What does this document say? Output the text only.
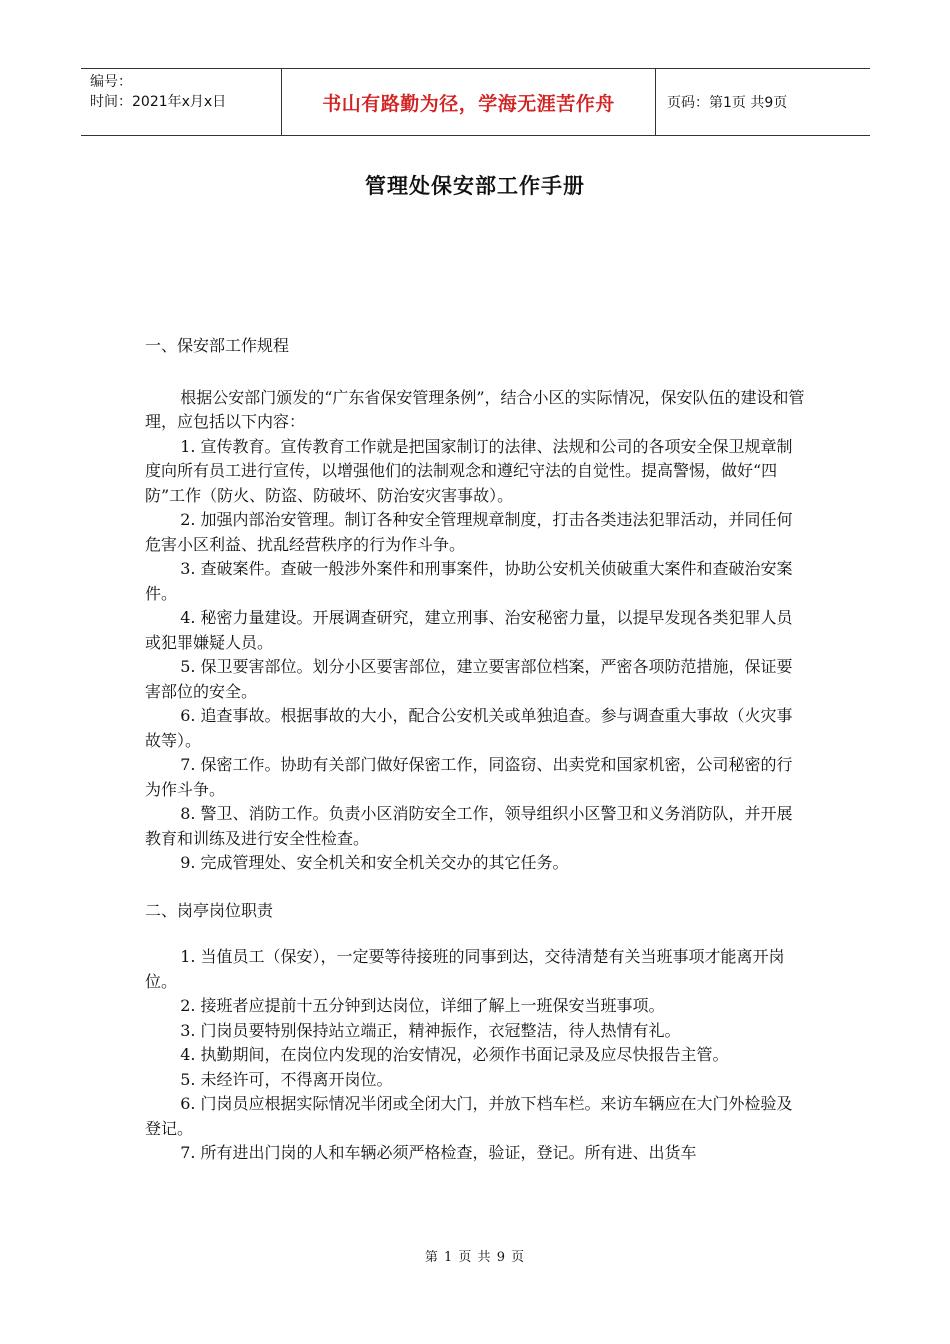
编号：
时间：2021年x月x日	书山有路勤为径，学海无涯苦作舟	页码：第1页 共9页
管理处保安部工作手册

一、保安部工作规程

根据公安部门颁发的“广东省保安管理条例”，结合小区的实际情况，保安队伍的建设和管理，应包括以下内容：

1. 宣传教育。宣传教育工作就是把国家制订的法律、法规和公司的各项安全保卫规章制度向所有员工进行宣传，以增强他们的法制观念和遵纪守法的自觉性。提高警惕，做好“四防”工作（防火、防盗、防破坏、防治安灾害事故）。

2. 加强内部治安管理。制订各种安全管理规章制度，打击各类违法犯罪活动，并同任何危害小区利益、扰乱经营秩序的行为作斗争。

3. 查破案件。查破一般涉外案件和刑事案件，协助公安机关侦破重大案件和查破治安案件。

4. 秘密力量建设。开展调查研究，建立刑事、治安秘密力量，以提早发现各类犯罪人员或犯罪嫌疑人员。

5. 保卫要害部位。划分小区要害部位，建立要害部位档案，严密各项防范措施，保证要害部位的安全。

6. 追查事故。根据事故的大小，配合公安机关或单独追查。参与调查重大事故（火灾事故等）。

7. 保密工作。协助有关部门做好保密工作，同盗窃、出卖党和国家机密，公司秘密的行为作斗争。

8. 警卫、消防工作。负责小区消防安全工作，领导组织小区警卫和义务消防队，并开展教育和训练及进行安全性检查。

9. 完成管理处、安全机关和安全机关交办的其它任务。

二、岗亭岗位职责

1. 当值员工（保安），一定要等待接班的同事到达，交待清楚有关当班事项才能离开岗位。

2. 接班者应提前十五分钟到达岗位，详细了解上一班保安当班事项。

3. 门岗员要特别保持站立端正，精神振作，衣冠整洁，待人热情有礼。

4. 执勤期间，在岗位内发现的治安情况，必须作书面记录及应尽快报告主管。

5. 未经许可，不得离开岗位。

6. 门岗员应根据实际情况半闭或全闭大门，并放下档车栏。来访车辆应在大门外检验及登记。

7. 所有进出门岗的人和车辆必须严格检查，验证，登记。所有进、出货车

第 1 页 共 9 页
